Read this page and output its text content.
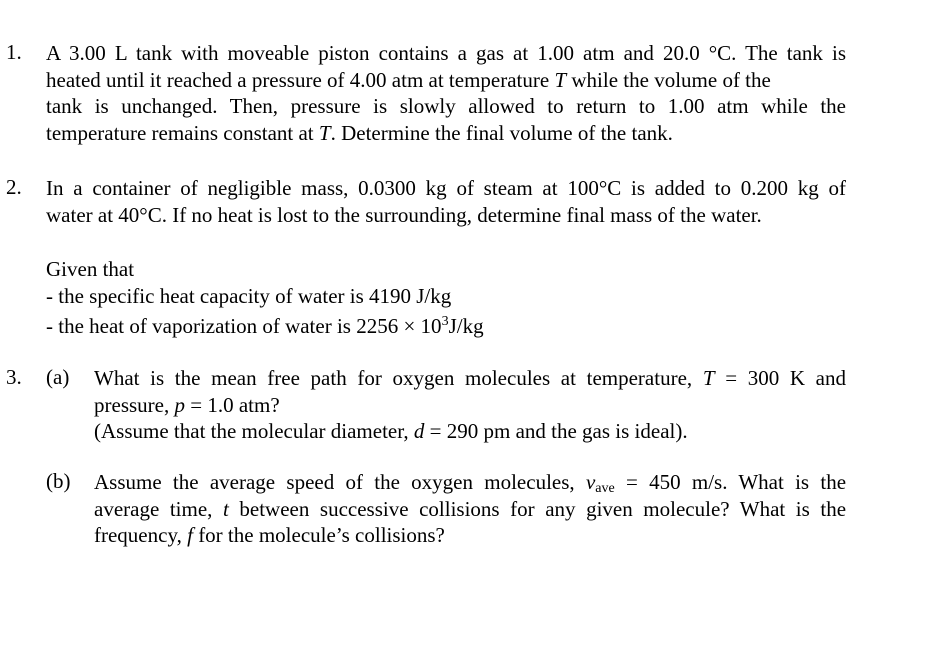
1. A 3.00 L tank with moveable piston contains a gas at 1.00 atm and 20.0 °C. The tank is
heated until it reached a pressure of 4.00 atm at temperature T while the volume of the
tank is unchanged. Then, pressure is slowly allowed to return to 1.00 atm while the
temperature remains constant at T. Determine the final volume of the tank.
2. In a container of negligible mass, 0.0300 kg of steam at 100°C is added to 0.200 kg of
water at 40°C. If no heat is lost to the surrounding, determine final mass of the water.
Given that
- the specific heat capacity of water is 4190 J/kg
- the heat of vaporization of water is $2256 \times 10^3J/kg$
3. (a) What is the mean free path for oxygen molecules at temperature, T = 300 K and
pressure, p = 1.0 atm?
(Assume that the molecular diameter, d = 290 pm and the gas is ideal).
(b) Assume the average speed of the oxygen molecules, $v_{ave} = 450$ m/s. What is the
average time, t between successive collisions for any given molecule? What is the
frequency, f for the molecule’s collisions?
